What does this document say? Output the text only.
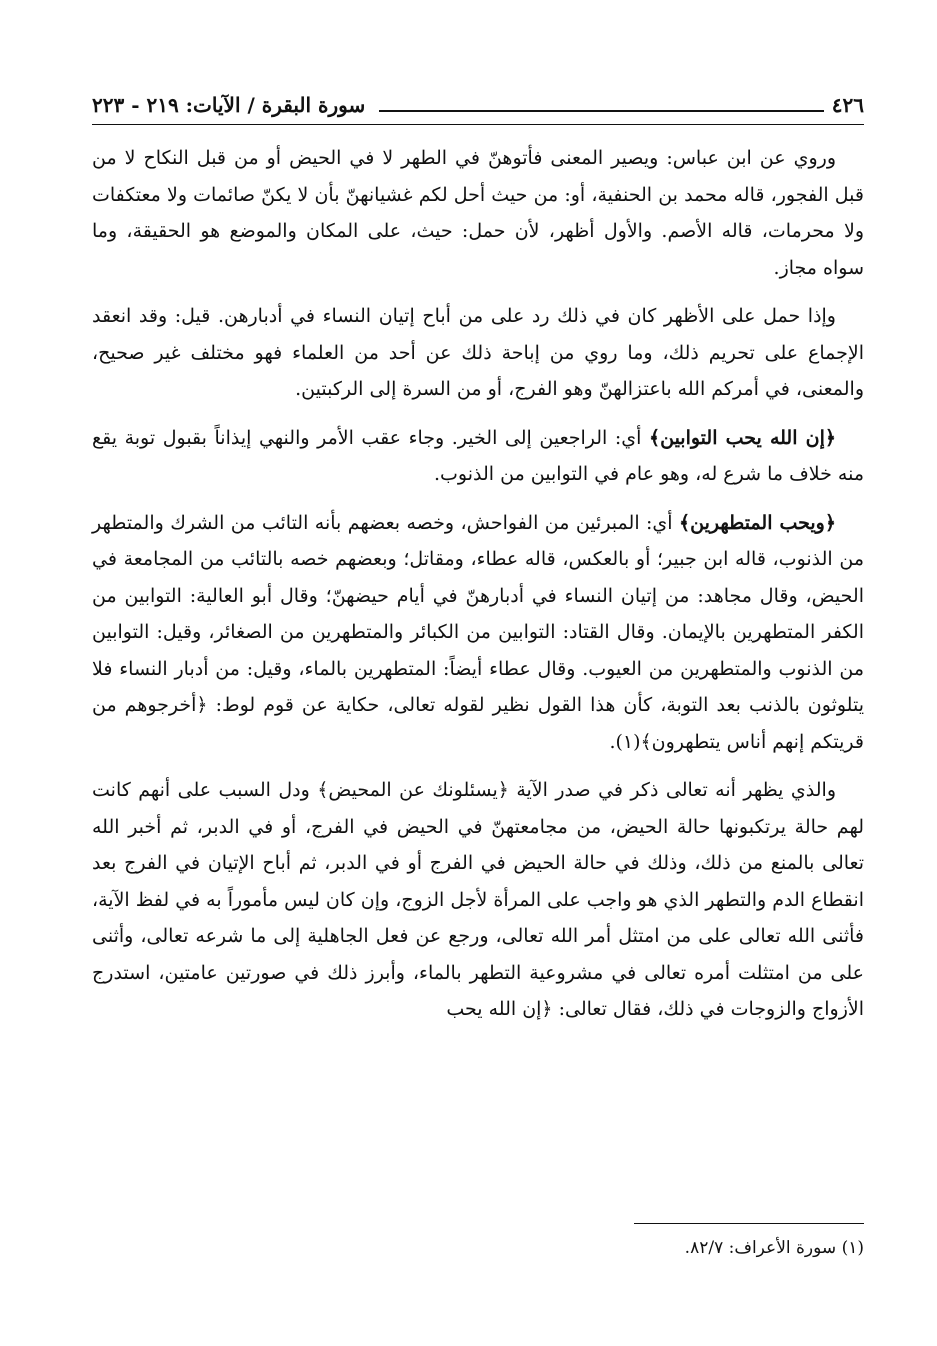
٤٢٦
سورة البقرة / الآيات: ٢١٩ - ٢٢٣

وروي عن ابن عباس: ويصير المعنى فأتوهنّ في الطهر لا في الحيض أو من قبل النكاح لا من قبل الفجور، قاله محمد بن الحنفية، أو: من حيث أحل لكم غشيانهنّ بأن لا يكنّ صائمات ولا معتكفات ولا محرمات، قاله الأصم. والأول أظهر، لأن حمل: حيث، على المكان والموضع هو الحقيقة، وما سواه مجاز.

وإذا حمل على الأظهر كان في ذلك رد على من أباح إتيان النساء في أدبارهن. قيل: وقد انعقد الإجماع على تحريم ذلك، وما روي من إباحة ذلك عن أحد من العلماء فهو مختلف غير صحيح، والمعنى، في أمركم الله باعتزالهنّ وهو الفرج، أو من السرة إلى الركبتين.

﴿إن الله يحب التوابين﴾ أي: الراجعين إلى الخير. وجاء عقب الأمر والنهي إيذاناً بقبول توبة يقع منه خلاف ما شرع له، وهو عام في التوابين من الذنوب.

﴿ويحب المتطهرين﴾ أي: المبرئين من الفواحش، وخصه بعضهم بأنه التائب من الشرك والمتطهر من الذنوب، قاله ابن جبير؛ أو بالعكس، قاله عطاء، ومقاتل؛ وبعضهم خصه بالتائب من المجامعة في الحيض، وقال مجاهد: من إتيان النساء في أدبارهنّ في أيام حيضهنّ؛ وقال أبو العالية: التوابين من الكفر المتطهرين بالإيمان. وقال القتاد: التوابين من الكبائر والمتطهرين من الصغائر، وقيل: التوابين من الذنوب والمتطهرين من العيوب. وقال عطاء أيضاً: المتطهرين بالماء، وقيل: من أدبار النساء فلا يتلوثون بالذنب بعد التوبة، كأن هذا القول نظير لقوله تعالى، حكاية عن قوم لوط: ﴿أخرجوهم من قريتكم إنهم أناس يتطهرون﴾(١).

والذي يظهر أنه تعالى ذكر في صدر الآية ﴿يسئلونك عن المحيض﴾ ودل السبب على أنهم كانت لهم حالة يرتكبونها حالة الحيض، من مجامعتهنّ في الحيض في الفرج، أو في الدبر، ثم أخبر الله تعالى بالمنع من ذلك، وذلك في حالة الحيض في الفرج أو في الدبر، ثم أباح الإتيان في الفرج بعد انقطاع الدم والتطهر الذي هو واجب على المرأة لأجل الزوج، وإن كان ليس مأموراً به في لفظ الآية، فأثنى الله تعالى على من امتثل أمر الله تعالى، ورجع عن فعل الجاهلية إلى ما شرعه تعالى، وأثنى على من امتثلت أمره تعالى في مشروعية التطهر بالماء، وأبرز ذلك في صورتين عامتين، استدرج الأزواج والزوجات في ذلك، فقال تعالى: ﴿إن الله يحب

(١) سورة الأعراف: ٨٢/٧.
